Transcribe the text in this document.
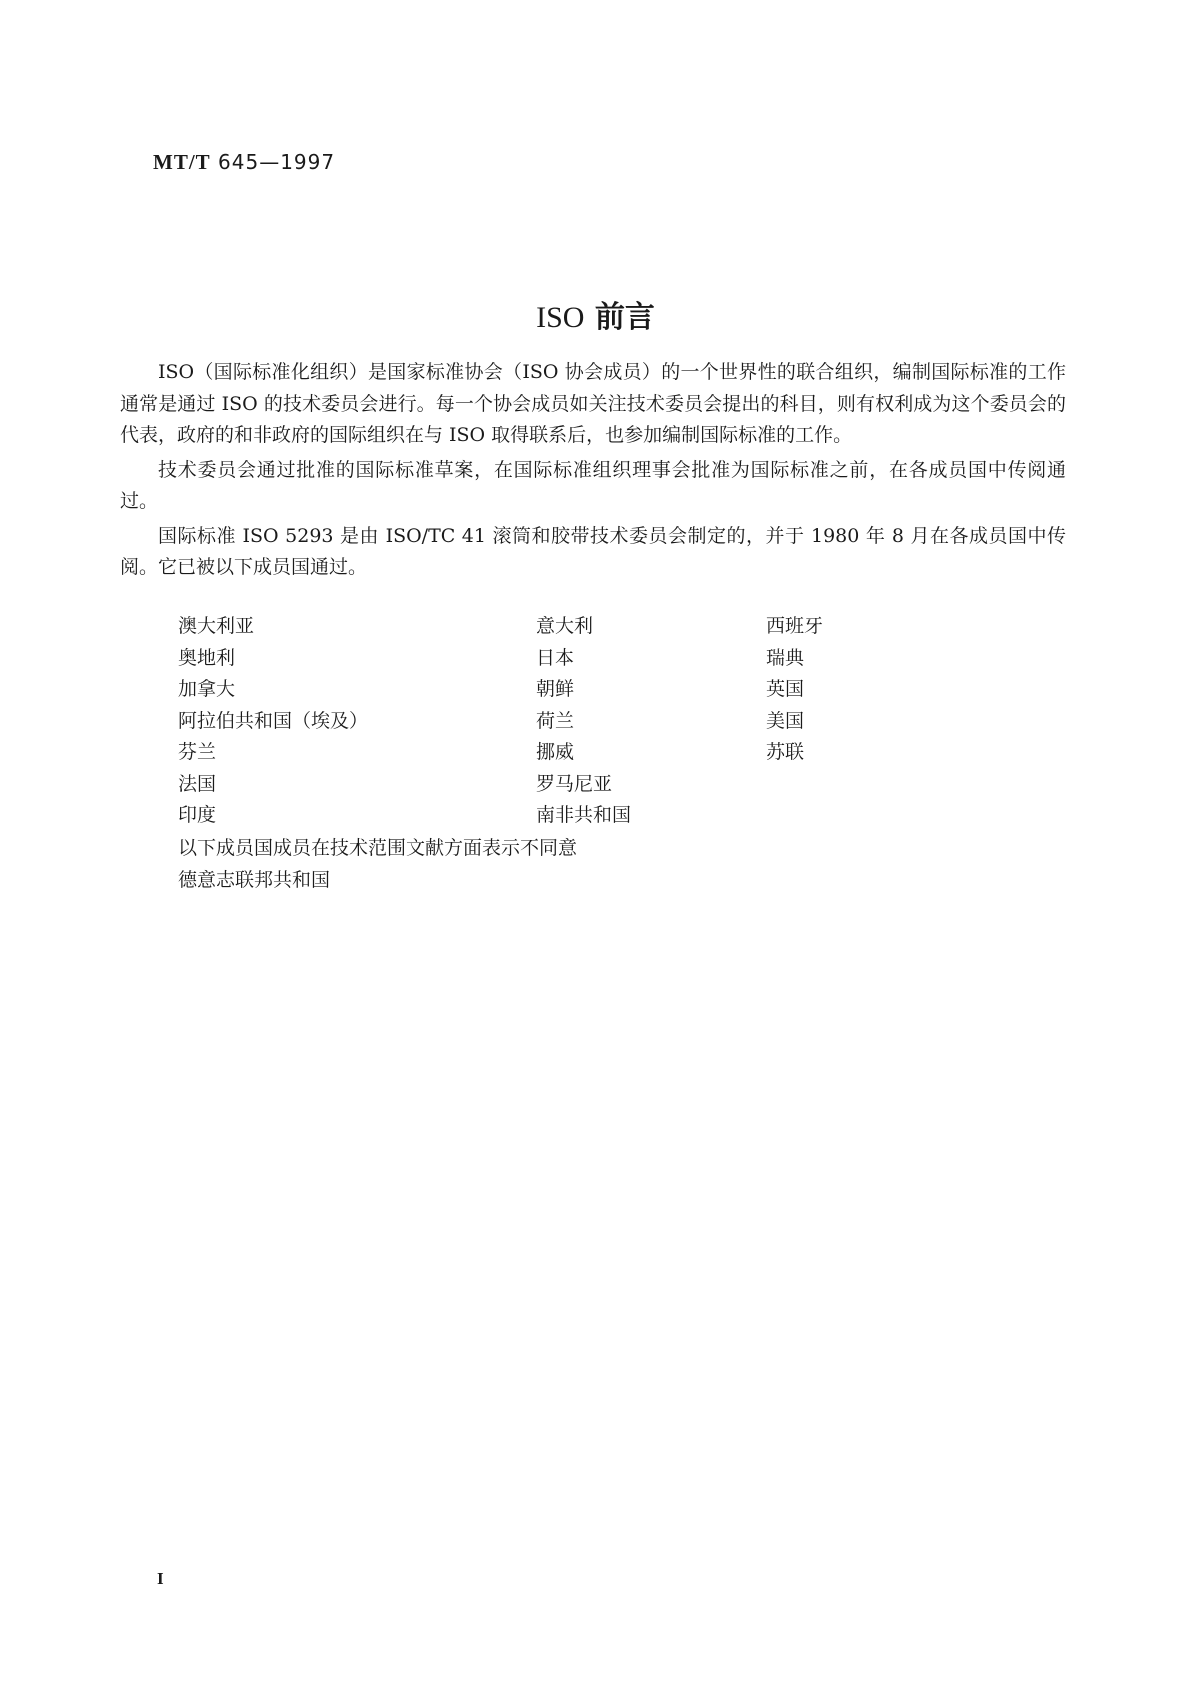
MT/T 645—1997
ISO 前言

ISO（国际标准化组织）是国家标准协会（ISO 协会成员）的一个世界性的联合组织，编制国际标准的工作通常是通过 ISO 的技术委员会进行。每一个协会成员如关注技术委员会提出的科目，则有权利成为这个委员会的代表，政府的和非政府的国际组织在与 ISO 取得联系后，也参加编制国际标准的工作。

技术委员会通过批准的国际标准草案，在国际标准组织理事会批准为国际标准之前，在各成员国中传阅通过。

国际标准 ISO 5293 是由 ISO/TC 41 滚筒和胶带技术委员会制定的，并于 1980 年 8 月在各成员国中传阅。它已被以下成员国通过。

澳大利亚
奥地利
加拿大
阿拉伯共和国（埃及）
芬兰
法国
印度
意大利
日本
朝鲜
荷兰
挪威
罗马尼亚
南非共和国
西班牙
瑞典
英国
美国
苏联
以下成员国成员在技术范围文献方面表示不同意
德意志联邦共和国
I
